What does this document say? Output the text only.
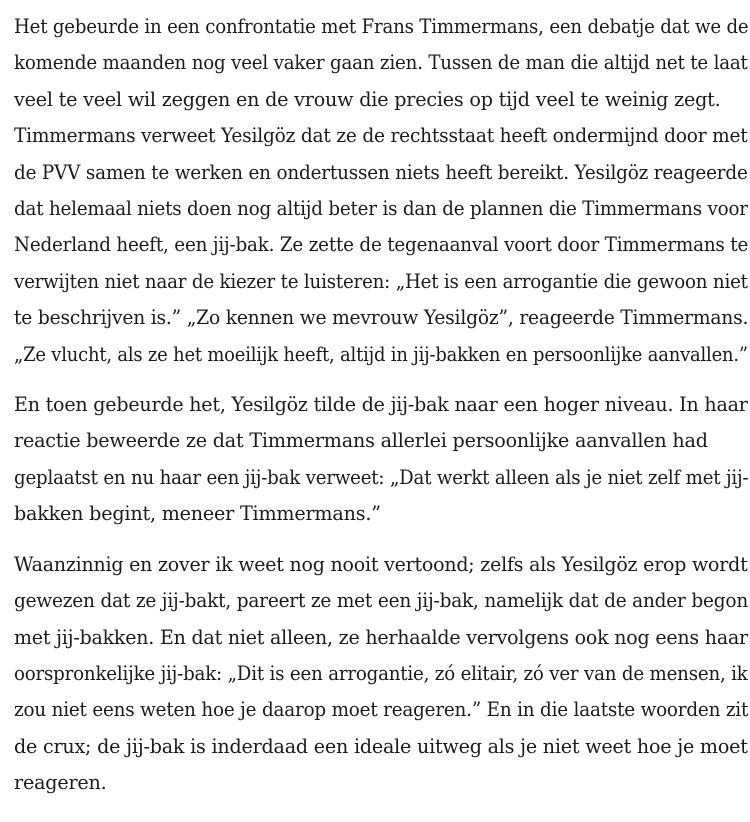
Het gebeurde in een confrontatie met Frans Timmermans, een debatje dat we de
komende maanden nog veel vaker gaan zien. Tussen de man die altijd net te laat
veel te veel wil zeggen en de vrouw die precies op tijd veel te weinig zegt.
Timmermans verweet Yesilgöz dat ze de rechtsstaat heeft ondermijnd door met
de PVV samen te werken en ondertussen niets heeft bereikt. Yesilgöz reageerde
dat helemaal niets doen nog altijd beter is dan de plannen die Timmermans voor
Nederland heeft, een jij-bak. Ze zette de tegenaanval voort door Timmermans te
verwijten niet naar de kiezer te luisteren: „Het is een arrogantie die gewoon niet
te beschrijven is.” „Zo kennen we mevrouw Yesilgöz”, reageerde Timmermans.
„Ze vlucht, als ze het moeilijk heeft, altijd in jij-bakken en persoonlijke aanvallen.”

En toen gebeurde het, Yesilgöz tilde de jij-bak naar een hoger niveau. In haar
reactie beweerde ze dat Timmermans allerlei persoonlijke aanvallen had
geplaatst en nu haar een jij-bak verweet: „Dat werkt alleen als je niet zelf met jij-
bakken begint, meneer Timmermans.”

Waanzinnig en zover ik weet nog nooit vertoond; zelfs als Yesilgöz erop wordt
gewezen dat ze jij-bakt, pareert ze met een jij-bak, namelijk dat de ander begon
met jij-bakken. En dat niet alleen, ze herhaalde vervolgens ook nog eens haar
oorspronkelijke jij-bak: „Dit is een arrogantie, zó elitair, zó ver van de mensen, ik
zou niet eens weten hoe je daarop moet reageren.” En in die laatste woorden zit
de crux; de jij-bak is inderdaad een ideale uitweg als je niet weet hoe je moet
reageren.
